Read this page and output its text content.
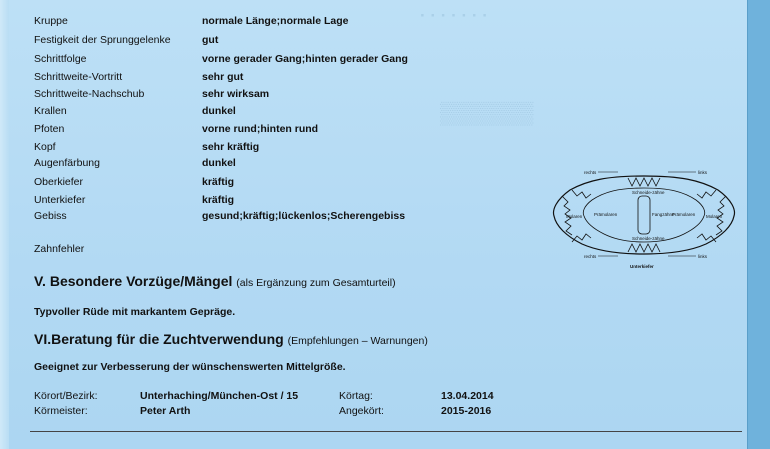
· · · · · · ·
▒▒▒▒▒▒
Kruppe	normale Länge;normale Lage
Festigkeit der Sprunggelenke	gut
Schrittfolge	vorne gerader Gang;hinten gerader Gang
Schrittweite-Vortritt	sehr gut
Schrittweite-Nachschub	sehr wirksam
Krallen	dunkel
Pfoten	vorne rund;hinten rund
Kopf	sehr kräftig
Augenfärbung	dunkel
Oberkiefer	kräftig
Unterkiefer	kräftig
Gebiss	gesund;kräftig;lückenlos;Scherengebiss
Zahnfehler
rechts	links
rechts	links
Schneide-zähne
Schneide-zähne
Fangzähne
Prämolaren	Prämolaren
Molaren	Molaren
Unterkiefer
V. Besondere Vorzüge/Mängel (als Ergänzung zum Gesamturteil)
Typvoller Rüde mit markantem Gepräge.
VI.Beratung für die Zuchtverwendung (Empfehlungen – Warnungen)
Geeignet zur Verbesserung der wünschenswerten Mittelgröße.
Körort/Bezirk:	Unterhaching/München-Ost / 15	Körtag:	13.04.2014
Körmeister:	Peter Arth	Angekört:	2015-2016
